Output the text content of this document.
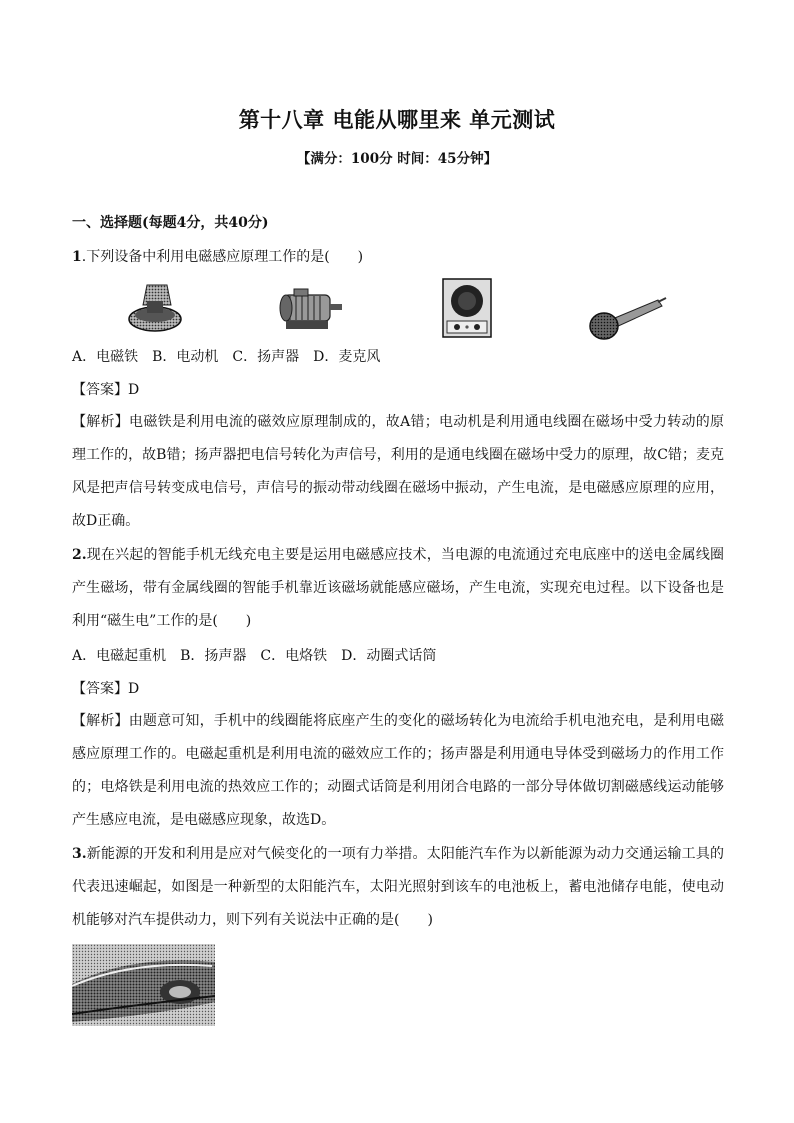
第十八章 电能从哪里来 单元测试
【满分：100分 时间：45分钟】
一、选择题(每题4分，共40分)
1.下列设备中利用电磁感应原理工作的是(　　)
A．电磁铁　B．电动机　C．扬声器　D．麦克风
【答案】D
【解析】电磁铁是利用电流的磁效应原理制成的，故A错；电动机是利用通电线圈在磁场中受力转动的原理工作的，故B错；扬声器把电信号转化为声信号，利用的是通电线圈在磁场中受力的原理，故C错；麦克风是把声信号转变成电信号，声信号的振动带动线圈在磁场中振动，产生电流，是电磁感应原理的应用，故D正确。
2.现在兴起的智能手机无线充电主要是运用电磁感应技术，当电源的电流通过充电底座中的送电金属线圈产生磁场，带有金属线圈的智能手机靠近该磁场就能感应磁场，产生电流，实现充电过程。以下设备也是利用“磁生电”工作的是(　　)
A．电磁起重机　B．扬声器　C．电烙铁　D．动圈式话筒
【答案】D
【解析】由题意可知，手机中的线圈能将底座产生的变化的磁场转化为电流给手机电池充电，是利用电磁感应原理工作的。电磁起重机是利用电流的磁效应工作的；扬声器是利用通电导体受到磁场力的作用工作的；电烙铁是利用电流的热效应工作的；动圈式话筒是利用闭合电路的一部分导体做切割磁感线运动能够产生感应电流，是电磁感应现象，故选D。
3.新能源的开发和利用是应对气候变化的一项有力举措。太阳能汽车作为以新能源为动力交通运输工具的代表迅速崛起，如图是一种新型的太阳能汽车，太阳光照射到该车的电池板上，蓄电池储存电能，使电动机能够对汽车提供动力，则下列有关说法中正确的是(　　)
